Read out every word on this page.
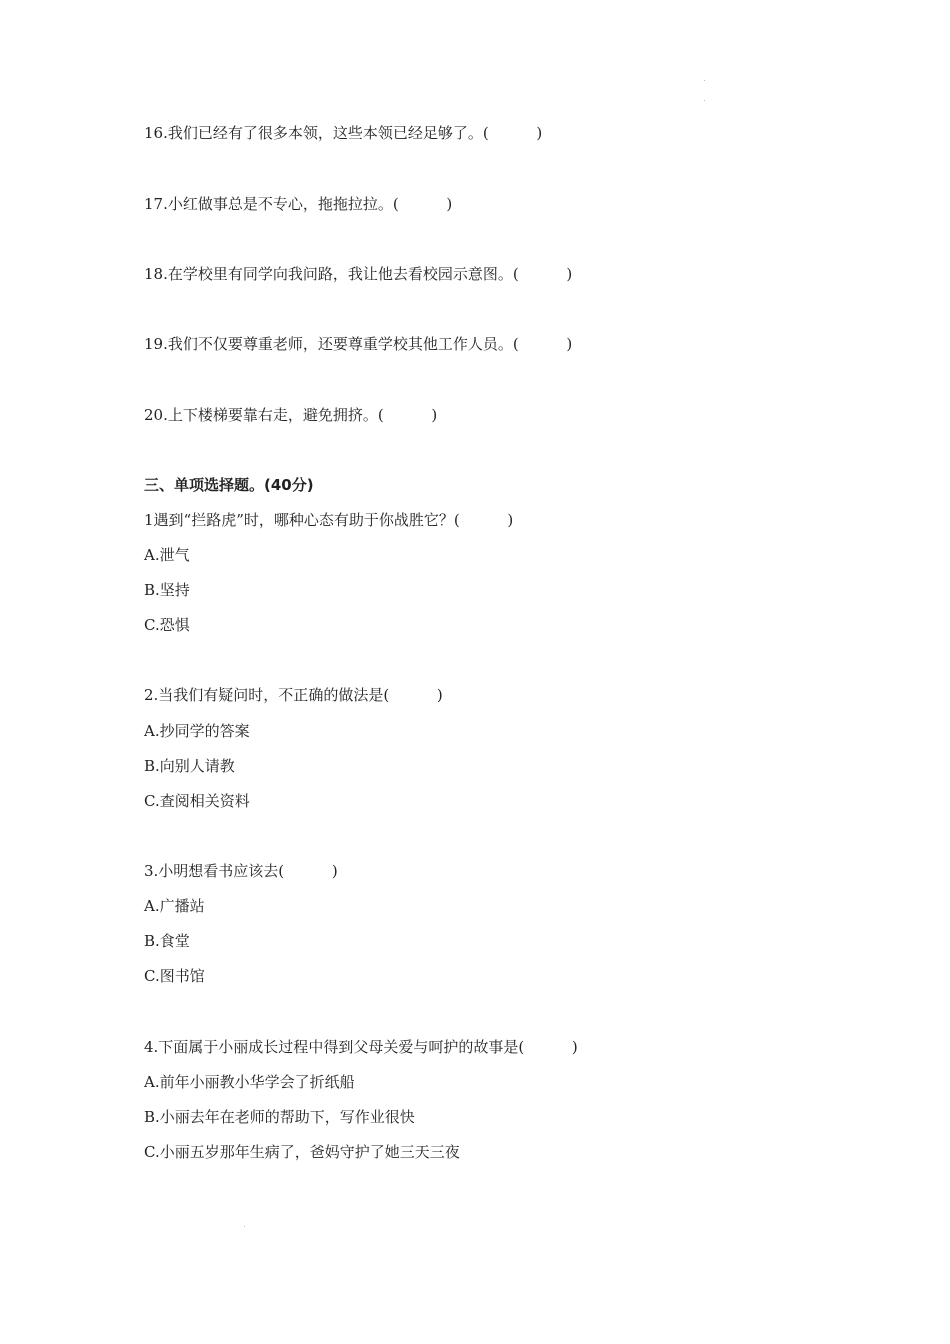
16.我们已经有了很多本领，这些本领已经足够了。(          )
17.小红做事总是不专心，拖拖拉拉。(          )
18.在学校里有同学向我问路，我让他去看校园示意图。(          )
19.我们不仅要尊重老师，还要尊重学校其他工作人员。(          )
20.上下楼梯要靠右走，避免拥挤。(          )
三、单项选择题。(40分)
1遇到“拦路虎”时，哪种心态有助于你战胜它？(          )
A.泄气
B.坚持
C.恐惧
2.当我们有疑问时，不正确的做法是(          )
A.抄同学的答案
B.向别人请教
C.查阅相关资料
3.小明想看书应该去(          )
A.广播站
B.食堂
C.图书馆
4.下面属于小丽成长过程中得到父母关爱与呵护的故事是(          )
A.前年小丽教小华学会了折纸船
B.小丽去年在老师的帮助下，写作业很快
C.小丽五岁那年生病了，爸妈守护了她三天三夜
